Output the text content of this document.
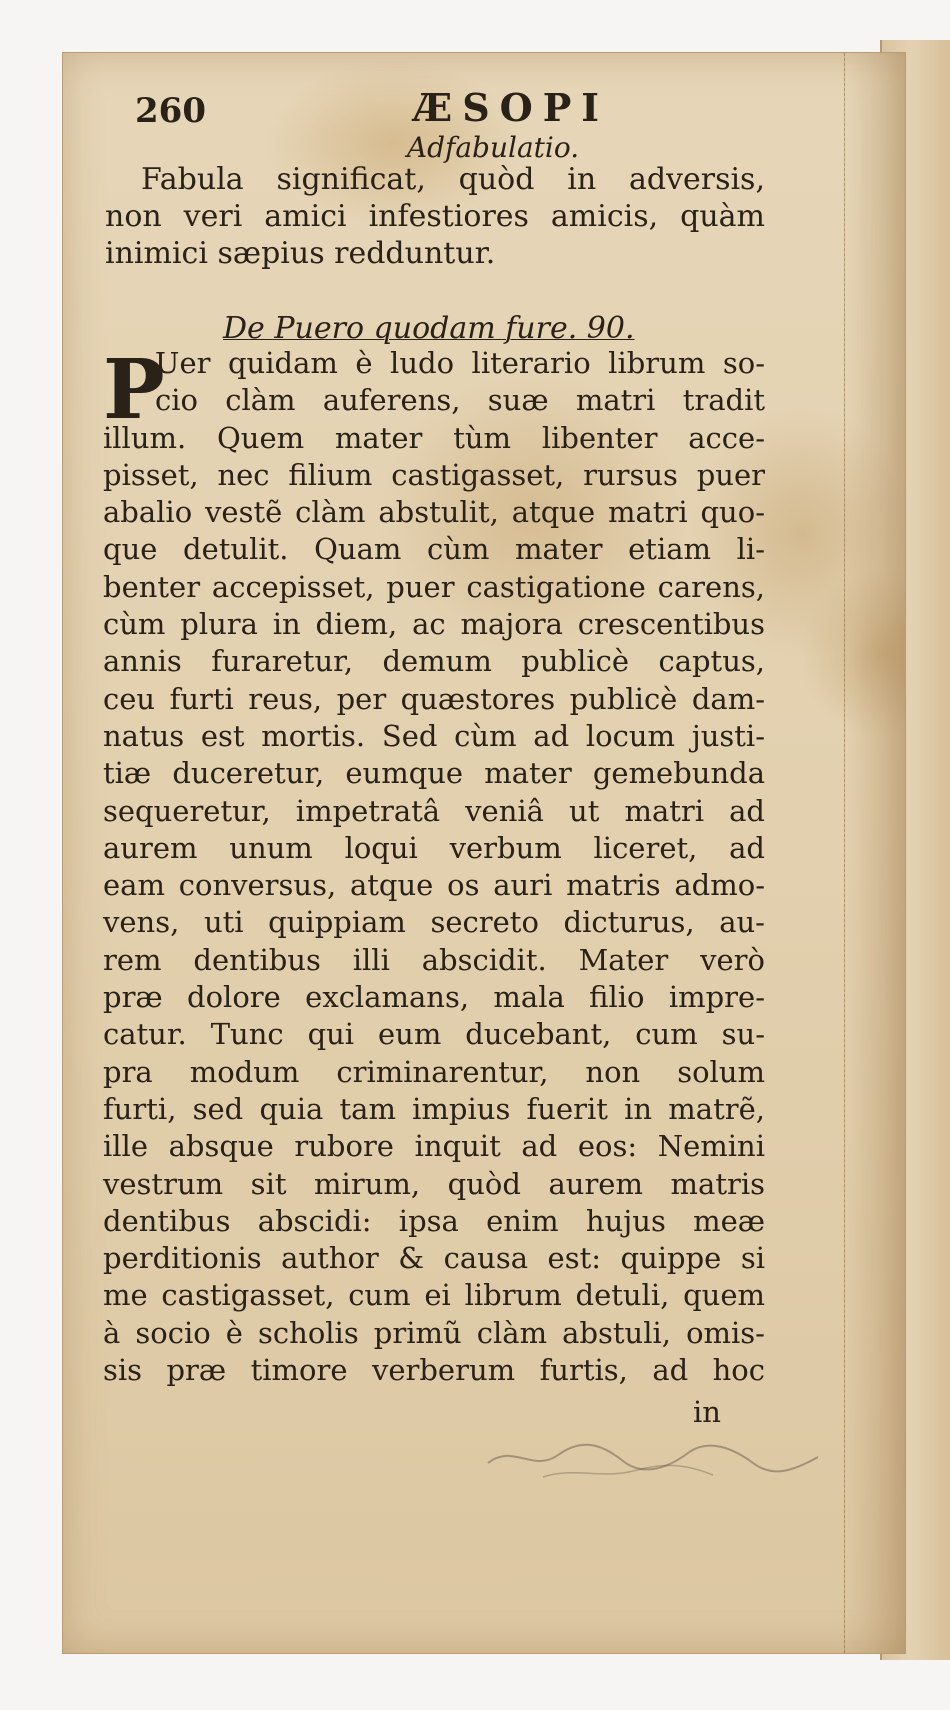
260	ÆSOPI
Adfabulatio.
Fabula significat, quòd in adversis,
non veri amici infestiores amicis, quàm
inimici sæpius redduntur.
De Puero quodam fure. 90.
P
Uer quidam è ludo literario librum so-
cio clàm auferens, suæ matri tradit
illum. Quem mater tùm libenter acce-
pisset, nec filium castigasset, rursus puer
abalio vestẽ clàm abstulit, atque matri quo-
que detulit. Quam cùm mater etiam li-
benter accepisset, puer castigatione carens,
cùm plura in diem, ac majora crescentibus
annis furaretur, demum publicè captus,
ceu furti reus, per quæstores publicè dam-
natus est mortis. Sed cùm ad locum justi-
tiæ duceretur, eumque mater gemebunda
sequeretur, impetratâ veniâ ut matri ad
aurem unum loqui verbum liceret, ad
eam conversus, atque os auri matris admo-
vens, uti quippiam secreto dicturus, au-
rem dentibus illi abscidit. Mater verò
præ dolore exclamans, mala filio impre-
catur. Tunc qui eum ducebant, cum su-
pra modum criminarentur, non solum
furti, sed quia tam impius fuerit in matrẽ,
ille absque rubore inquit ad eos: Nemini
vestrum sit mirum, quòd aurem matris
dentibus abscidi: ipsa enim hujus meæ
perditionis author & causa est: quippe si
me castigasset, cum ei librum detuli, quem
à socio è scholis primũ clàm abstuli, omis-
sis præ timore verberum furtis, ad hoc
in
